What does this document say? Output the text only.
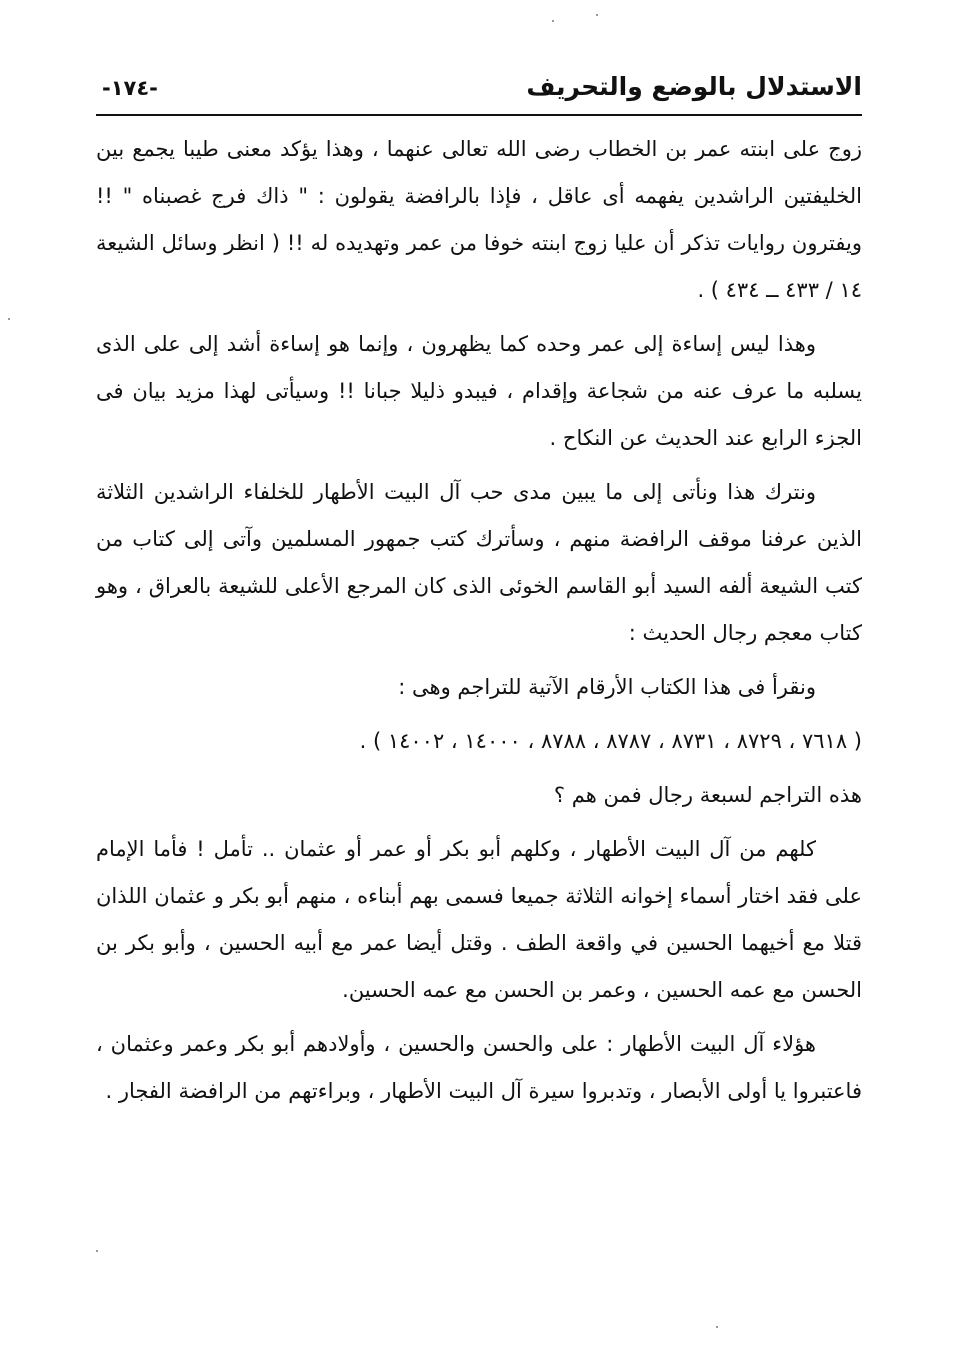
-١٧٤-	الاستدلال بالوضع والتحريف

زوج على ابنته عمر بن الخطاب رضى الله تعالى عنهما ، وهذا يؤكد معنى طيبا يجمع بين الخليفتين الراشدين يفهمه أى عاقل ، فإذا بالرافضة يقولون : " ذاك فرج غصبناه " !! ويفترون روايات تذكر أن عليا زوج ابنته خوفا من عمر وتهديده له !! ( انظر وسائل الشيعة ١٤ / ٤٣٣ ــ ٤٣٤ ) .

وهذا ليس إساءة إلى عمر وحده كما يظهرون ، وإنما هو إساءة أشد إلى على الذى يسلبه ما عرف عنه من شجاعة وإقدام ، فيبدو ذليلا جبانا !! وسيأتى لهذا مزيد بيان فى الجزء الرابع عند الحديث عن النكاح .

ونترك هذا ونأتى إلى ما يبين مدى حب آل البيت الأطهار للخلفاء الراشدين الثلاثة الذين عرفنا موقف الرافضة منهم ، وسأترك كتب جمهور المسلمين وآتى إلى كتاب من كتب الشيعة ألفه السيد أبو القاسم الخوئى الذى كان المرجع الأعلى للشيعة بالعراق ، وهو كتاب معجم رجال الحديث :

ونقرأ فى هذا الكتاب الأرقام الآتية للتراجم وهى :

( ٧٦١٨ ، ٨٧٢٩ ، ٨٧٣١ ، ٨٧٨٧ ، ٨٧٨٨ ، ١٤٠٠٠ ، ١٤٠٠٢ ) .

هذه التراجم لسبعة رجال فمن هم ؟

كلهم من آل البيت الأطهار ، وكلهم أبو بكر أو عمر أو عثمان .. تأمل ! فأما الإمام على فقد اختار أسماء إخوانه الثلاثة جميعا فسمى بهم أبناءه ، منهم أبو بكر و عثمان اللذان قتلا مع أخيهما الحسين في واقعة الطف . وقتل أيضا عمر مع أبيه الحسين ، وأبو بكر بن الحسن مع عمه الحسين ، وعمر بن الحسن مع عمه الحسين.

هؤلاء آل البيت الأطهار : على والحسن والحسين ، وأولادهم أبو بكر وعمر وعثمان ، فاعتبروا يا أولى الأبصار ، وتدبروا سيرة آل البيت الأطهار ، وبراءتهم من الرافضة الفجار .
